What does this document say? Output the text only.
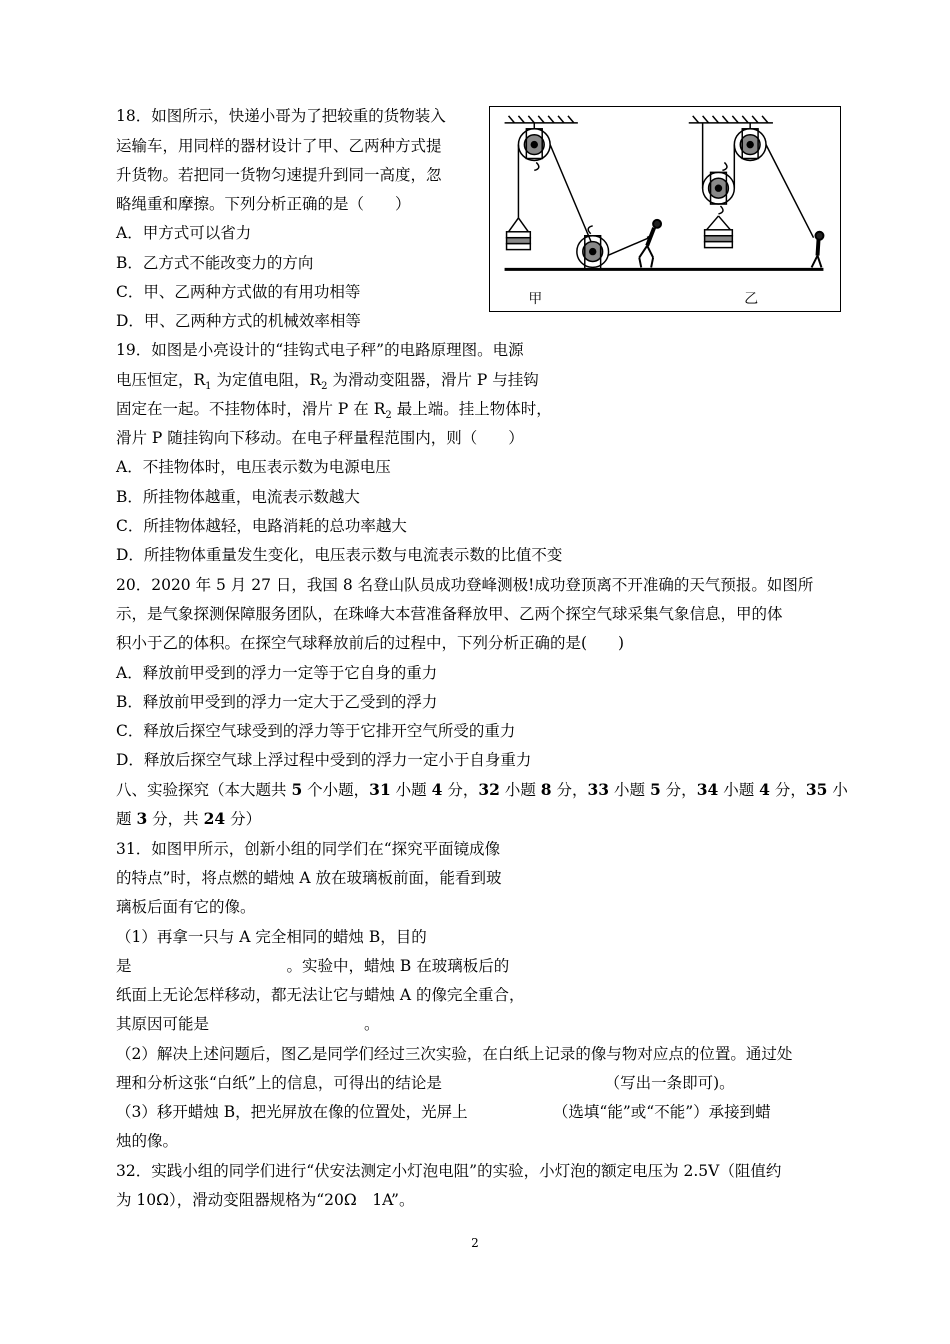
18．如图所示，快递小哥为了把较重的货物装入
运输车，用同样的器材设计了甲、乙两种方式提
升货物。若把同一货物匀速提升到同一高度，忽
略绳重和摩擦。下列分析正确的是（　　）
A．甲方式可以省力
B．乙方式不能改变力的方向
C．甲、乙两种方式做的有用功相等
D．甲、乙两种方式的机械效率相等
甲	乙
19．如图是小亮设计的“挂钩式电子秤”的电路原理图。电源
电压恒定，$R_1$ 为定值电阻，$R_2$ 为滑动变阻器，滑片 P 与挂钩
固定在一起。不挂物体时，滑片 P 在 $R_2$ 最上端。挂上物体时，
滑片 P 随挂钩向下移动。在电子秤量程范围内，则（　　）
A．不挂物体时，电压表示数为电源电压
B．所挂物体越重，电流表示数越大
C．所挂物体越轻，电路消耗的总功率越大
D．所挂物体重量发生变化，电压表示数与电流表示数的比值不变
20．2020 年 5 月 27 日，我国 8 名登山队员成功登峰测极!成功登顶离不开准确的天气预报。如图所
示，是气象探测保障服务团队，在珠峰大本营准备释放甲、乙两个探空气球采集气象信息，甲的体
积小于乙的体积。在探空气球释放前后的过程中，下列分析正确的是(　　)
A．释放前甲受到的浮力一定等于它自身的重力
B．释放前甲受到的浮力一定大于乙受到的浮力
C．释放后探空气球受到的浮力等于它排开空气所受的重力
D．释放后探空气球上浮过程中受到的浮力一定小于自身重力
八、实验探究（本大题共 5 个小题，31 小题 4 分，32 小题 8 分，33 小题 5 分，34 小题 4 分，35 小
题 3 分，共 24 分）
31．如图甲所示，创新小组的同学们在“探究平面镜成像
的特点”时，将点燃的蜡烛 A 放在玻璃板前面，能看到玻
璃板后面有它的像。
（1）再拿一只与 A 完全相同的蜡烛 B，目的
是　　　　　　　　　　。实验中，蜡烛 B 在玻璃板后的
纸面上无论怎样移动，都无法让它与蜡烛 A 的像完全重合，
其原因可能是　　　　　　　　　　。
（2）解决上述问题后，图乙是同学们经过三次实验，在白纸上记录的像与物对应点的位置。通过处
理和分析这张“白纸”上的信息，可得出的结论是　　　　　　　　　　　（写出一条即可)。
（3）移开蜡烛 B，把光屏放在像的位置处，光屏上　　　　　　（选填“能”或“不能”）承接到蜡
烛的像。
32．实践小组的同学们进行“伏安法测定小灯泡电阻”的实验，小灯泡的额定电压为 2.5V（阻值约
为 10Ω），滑动变阻器规格为“20Ω　1A”。
2
